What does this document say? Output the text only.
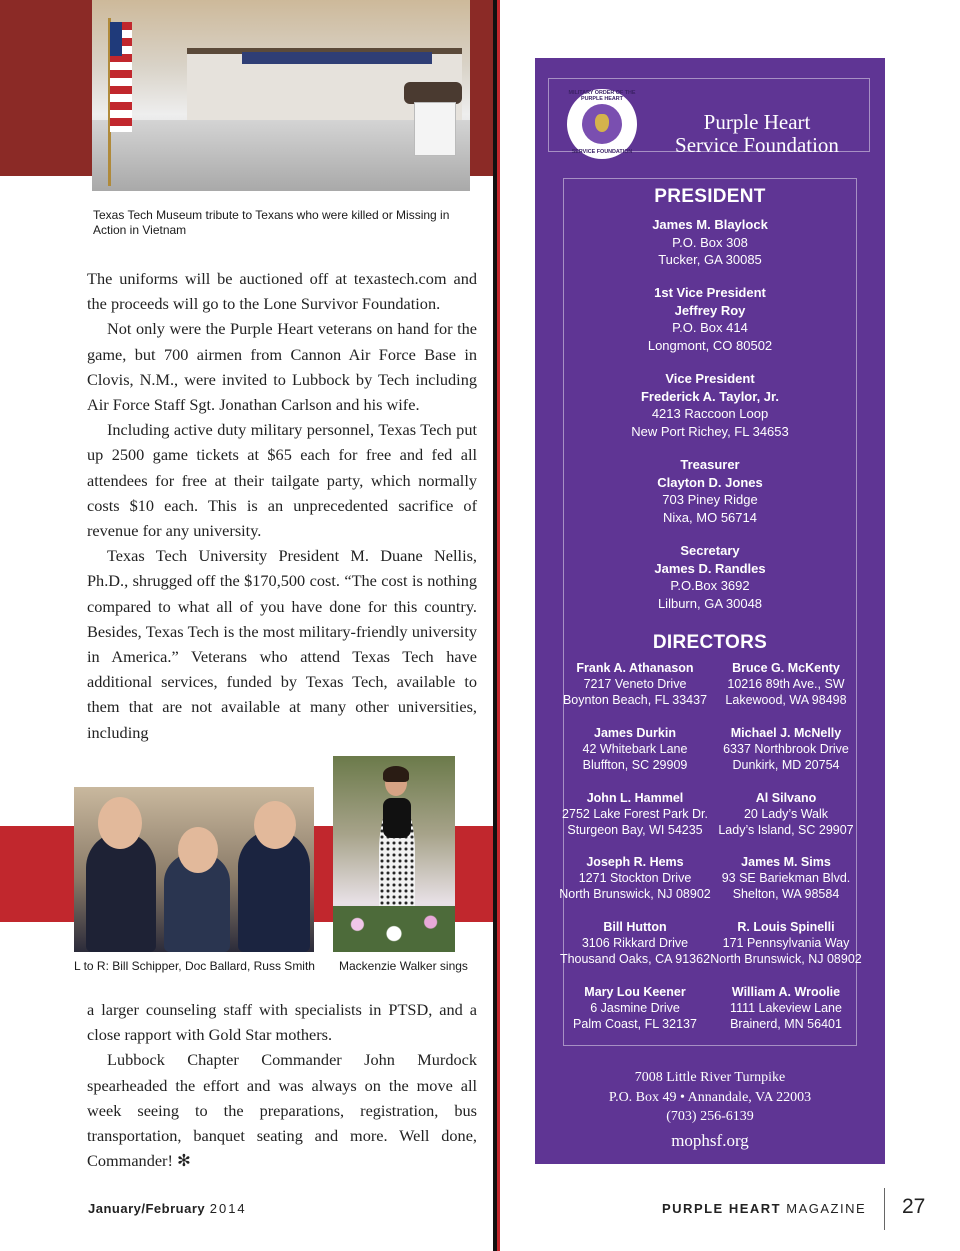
Texas Tech Museum tribute to Texans who were killed or Missing in Action in Vietnam

The uniforms will be auctioned off at texastech.com and the proceeds will go to the Lone Survivor Foundation.

Not only were the Purple Heart veterans on hand for the game, but 700 airmen from Cannon Air Force Base in Clovis, N.M., were invited to Lubbock by Tech including Air Force Staff Sgt. Jonathan Carlson and his wife.

Including active duty military personnel, Texas Tech put up 2500 game tickets at $65 each for free and fed all attendees for free at their tailgate party, which normally costs $10 each. This is an unprecedented sacrifice of revenue for any university.

Texas Tech University President M. Duane Nellis, Ph.D., shrugged off the $170,500 cost. “The cost is nothing compared to what all of you have done for this country. Besides, Texas Tech is the most military-friendly university in America.” Veterans who attend Texas Tech have additional services, funded by Texas Tech, available to them that are not available at many other universities, including

L to R: Bill Schipper, Doc Ballard, Russ Smith	Mackenzie Walker sings

a larger counseling staff with specialists in PTSD, and a close rapport with Gold Star mothers.

Lubbock Chapter Commander John Murdock spearheaded the effort and was always on the move all week seeing to the preparations, registration, bus transportation, banquet seating and more. Well done, Commander! ✻

MILITARY ORDER OF THE PURPLE HEART
SERVICE FOUNDATION
Purple Heart
Service Foundation
PRESIDENT
James M. Blaylock
P.O. Box 308
Tucker, GA 30085
1st Vice President
Jeffrey Roy
P.O. Box 414
Longmont, CO 80502
Vice President
Frederick A. Taylor, Jr.
4213 Raccoon Loop
New Port Richey, FL 34653
Treasurer
Clayton D. Jones
703 Piney Ridge
Nixa, MO 56714
Secretary
James D. Randles
P.O.Box 3692
Lilburn, GA 30048
DIRECTORS
Frank A. Athanason
7217 Veneto Drive
Boynton Beach, FL 33437
Bruce G. McKenty
10216 89th Ave., SW
Lakewood, WA 98498
James Durkin
42 Whitebark Lane
Bluffton, SC 29909
Michael J. McNelly
6337 Northbrook Drive
Dunkirk, MD 20754
John L. Hammel
2752 Lake Forest Park Dr.
Sturgeon Bay, WI 54235
Al Silvano
20 Lady’s Walk
Lady’s Island, SC 29907
Joseph R. Hems
1271 Stockton Drive
North Brunswick, NJ 08902
James M. Sims
93 SE Bariekman Blvd.
Shelton, WA 98584
Bill Hutton
3106 Rikkard Drive
Thousand Oaks, CA 91362
R. Louis Spinelli
171 Pennsylvania Way
North Brunswick, NJ 08902
Mary Lou Keener
6 Jasmine Drive
Palm Coast, FL 32137
William A. Wroolie
1111 Lakeview Lane
Brainerd, MN 56401
7008 Little River Turnpike
P.O. Box 49 • Annandale, VA 22003
(703) 256-6139
mophsf.org
January/February 2014	PURPLE HEART MAGAZINE 27
